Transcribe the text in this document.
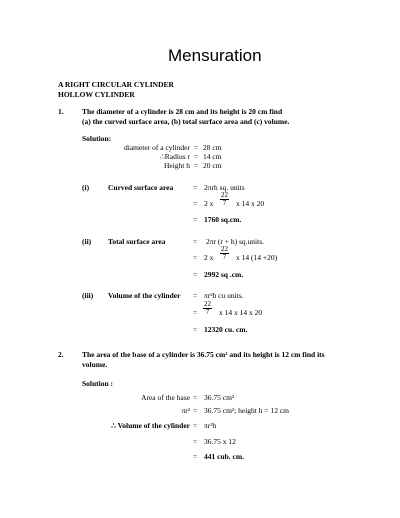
Mensuration
A RIGHT CIRCULAR CYLINDER
HOLLOW CYLINDER
1. The diameter of a cylinder is 28 cm and its height is 20 cm find
(a) the curved surface area, (b) total surface area and (c) volume.
Solution:
diameter of a cylinder = 28 cm
∴Radius r = 14 cm
Height h = 20 cm
(i)	Curved surface area	= 2πrh sq. units
= 2 x $\frac{22}{7}$ x 14 x 20
= 1760 sq.cm.
(ii) Total surface area	= 2πr (r + h) sq.units.
= 2 x $\frac{22}{7}$ x 14 (14 +20)
= 2992 sq .cm.
(iii) Volume of the cylinder = πr²h cu units.
= $\frac{22}{7}$ x 14 x 14 x 20
= 12320 cu. cm.
2. The area of the base of a cylinder is 36.75 cm² and its height is 12 cm find its
volume.
Solution :
Area of the base = 36.75 cm²
πr² = 36.75 cm²; height h = 12 cm
∴ Volume of the cylinder = πr²h
= 36.75 x 12
= 441 cub. cm.
